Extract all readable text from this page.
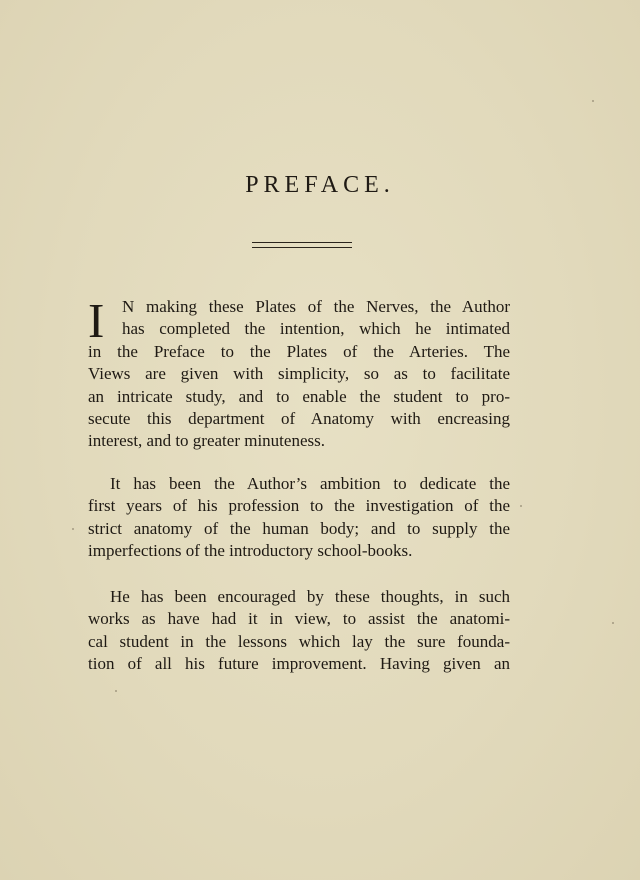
PREFACE.
I	N making these Plates of the Nerves, the Author
has completed the intention, which he intimated
in the Preface to the Plates of the Arteries. The
Views are given with simplicity, so as to facilitate
an intricate study, and to enable the student to pro-
secute this department of Anatomy with encreasing
interest, and to greater minuteness.
It has been the Author’s ambition to dedicate the
first years of his profession to the investigation of the
strict anatomy of the human body; and to supply the
imperfections of the introductory school-books.
He has been encouraged by these thoughts, in such
works as have had it in view, to assist the anatomi-
cal student in the lessons which lay the sure founda-
tion of all his future improvement. Having given an
